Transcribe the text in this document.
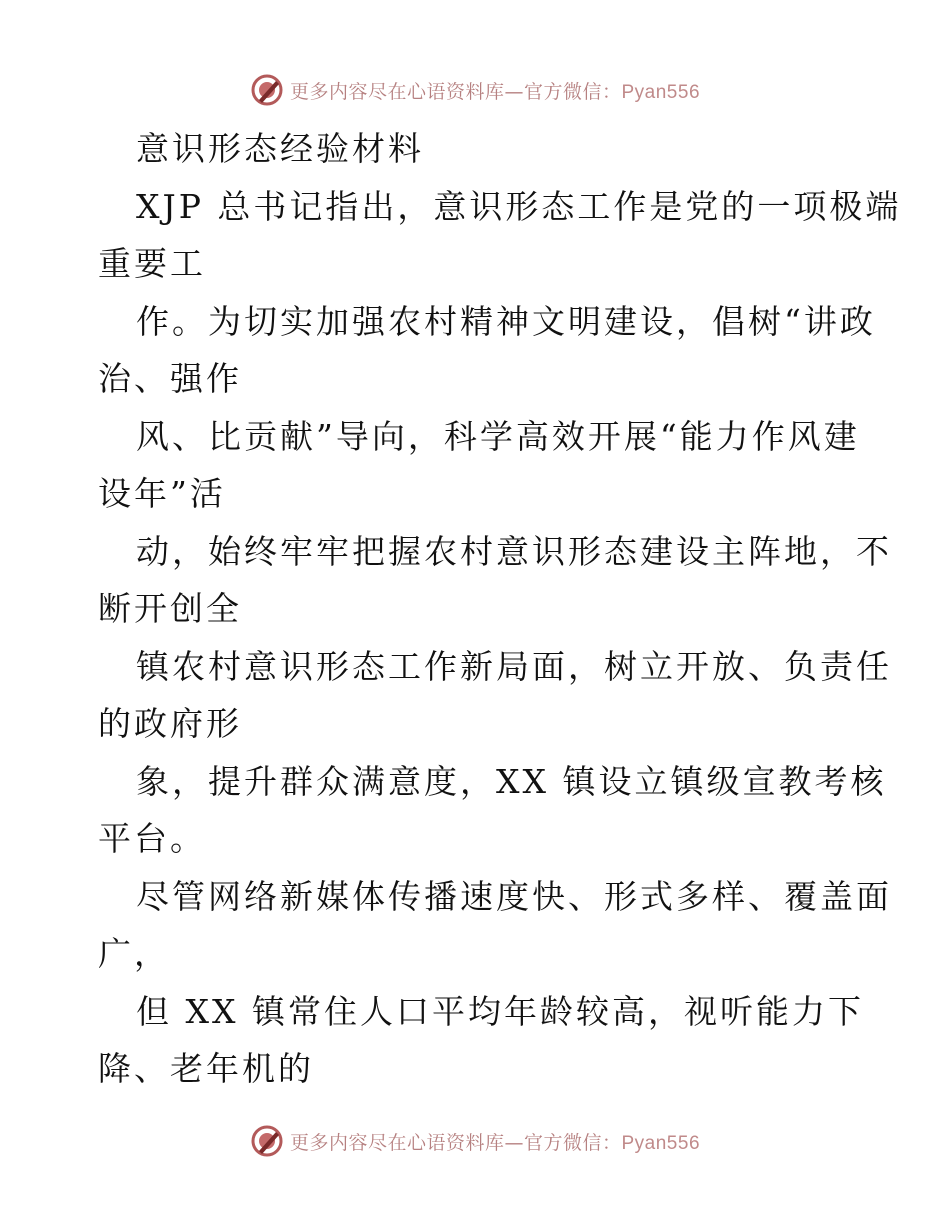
更多内容尽在心语资料库—官方微信：Pyan556
意识形态经验材料
XJP 总书记指出，意识形态工作是党的一项极端
重要工
作。为切实加强农村精神文明建设，倡树“讲政
治、强作
风、比贡献”导向，科学高效开展“能力作风建
设年”活
动，始终牢牢把握农村意识形态建设主阵地，不
断开创全
镇农村意识形态工作新局面，树立开放、负责任
的政府形
象，提升群众满意度，XX 镇设立镇级宣教考核
平台。
尽管网络新媒体传播速度快、形式多样、覆盖面
广，
但 XX 镇常住人口平均年龄较高，视听能力下
降、老年机的
更多内容尽在心语资料库—官方微信：Pyan556
